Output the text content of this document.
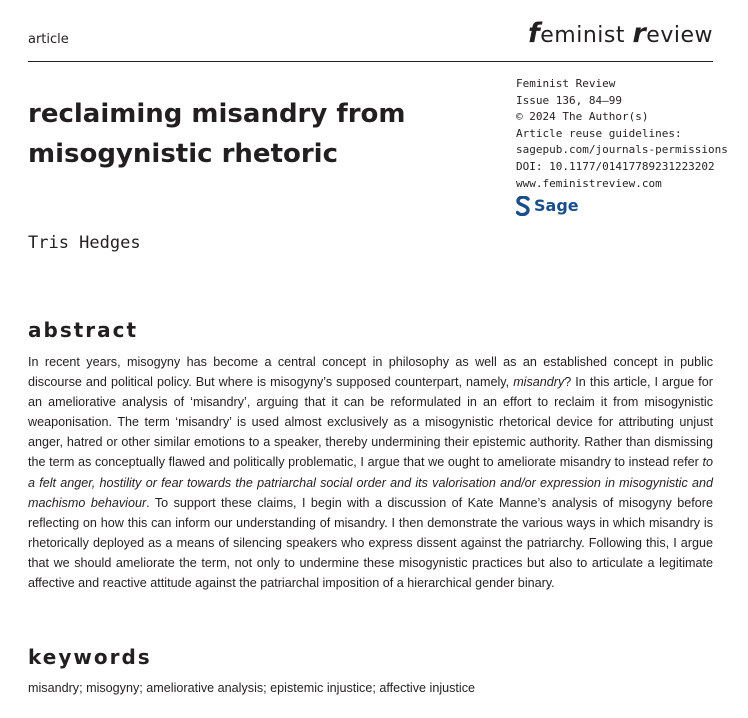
article	feminist review
reclaiming misandry from misogynistic rhetoric
Feminist Review
Issue 136, 84–99
© 2024 The Author(s)
Article reuse guidelines:
sagepub.com/journals-permissions
DOI: 10.1177/01417789231223202
www.feministreview.com
Sage
Tris Hedges
abstract

In recent years, misogyny has become a central concept in philosophy as well as an established concept in public discourse and political policy. But where is misogyny’s supposed counterpart, namely, misandry? In this article, I argue for an ameliorative analysis of ‘misandry’, arguing that it can be reformulated in an effort to reclaim it from misogynistic weaponisation. The term ‘misandry’ is used almost exclusively as a misogynistic rhetorical device for attributing unjust anger, hatred or other similar emotions to a speaker, thereby undermining their epistemic authority. Rather than dismissing the term as conceptually flawed and politically problematic, I argue that we ought to ameliorate misandry to instead refer to a felt anger, hostility or fear towards the patriarchal social order and its valorisation and/or expression in misogynistic and machismo behaviour. To support these claims, I begin with a discussion of Kate Manne’s analysis of misogyny before reflecting on how this can inform our understanding of misandry. I then demonstrate the various ways in which misandry is rhetorically deployed as a means of silencing speakers who express dissent against the patriarchy. Following this, I argue that we should ameliorate the term, not only to undermine these misogynistic practices but also to articulate a legitimate affective and reactive attitude against the patriarchal imposition of a hierarchical gender binary.

keywords
misandry; misogyny; ameliorative analysis; epistemic injustice; affective injustice
